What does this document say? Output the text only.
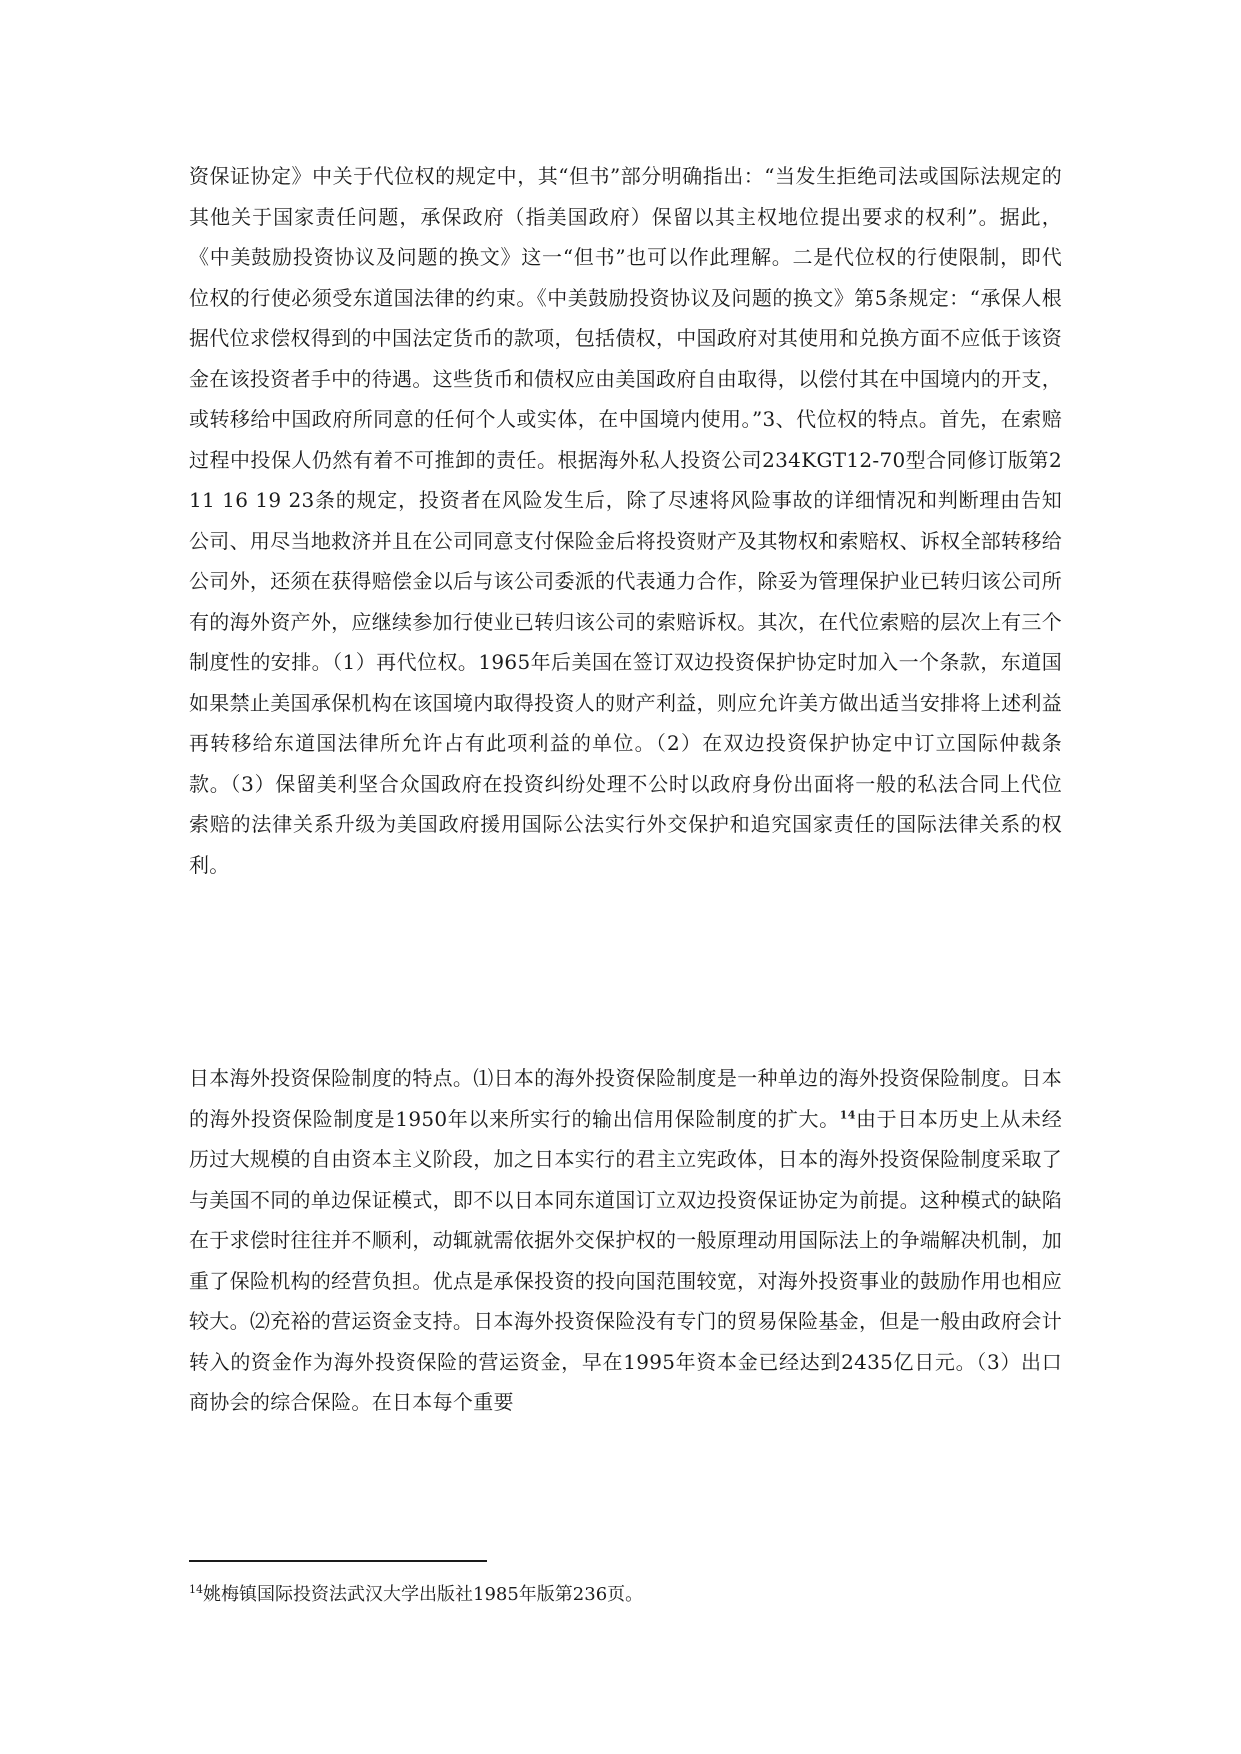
资保证协定》中关于代位权的规定中，其“但书”部分明确指出：“当发生拒绝司法或国际法规定的其他关于国家责任问题，承保政府（指美国政府）保留以其主权地位提出要求的权利”。据此，《中美鼓励投资协议及问题的换文》这一“但书”也可以作此理解。二是代位权的行使限制，即代位权的行使必须受东道国法律的约束。《中美鼓励投资协议及问题的换文》第5条规定：“承保人根据代位求偿权得到的中国法定货币的款项，包括债权，中国政府对其使用和兑换方面不应低于该资金在该投资者手中的待遇。这些货币和债权应由美国政府自由取得，以偿付其在中国境内的开支，或转移给中国政府所同意的任何个人或实体，在中国境内使用。”3、代位权的特点。首先，在索赔过程中投保人仍然有着不可推卸的责任。根据海外私人投资公司234KGT12-70型合同修订版第2 11 16 19 23条的规定，投资者在风险发生后，除了尽速将风险事故的详细情况和判断理由告知公司、用尽当地救济并且在公司同意支付保险金后将投资财产及其物权和索赔权、诉权全部转移给公司外，还须在获得赔偿金以后与该公司委派的代表通力合作，除妥为管理保护业已转归该公司所有的海外资产外，应继续参加行使业已转归该公司的索赔诉权。其次，在代位索赔的层次上有三个制度性的安排。（1）再代位权。1965年后美国在签订双边投资保护协定时加入一个条款，东道国如果禁止美国承保机构在该国境内取得投资人的财产利益，则应允许美方做出适当安排将上述利益再转移给东道国法律所允许占有此项利益的单位。（2）在双边投资保护协定中订立国际仲裁条款。（3）保留美利坚合众国政府在投资纠纷处理不公时以政府身份出面将一般的私法合同上代位索赔的法律关系升级为美国政府援用国际公法实行外交保护和追究国家责任的国际法律关系的权利。

日本海外投资保险制度的特点。⑴日本的海外投资保险制度是一种单边的海外投资保险制度。日本的海外投资保险制度是1950年以来所实行的输出信用保险制度的扩大。$^{14}$由于日本历史上从未经历过大规模的自由资本主义阶段，加之日本实行的君主立宪政体，日本的海外投资保险制度采取了与美国不同的单边保证模式，即不以日本同东道国订立双边投资保证协定为前提。这种模式的缺陷在于求偿时往往并不顺利，动辄就需依据外交保护权的一般原理动用国际法上的争端解决机制，加重了保险机构的经营负担。优点是承保投资的投向国范围较宽，对海外投资事业的鼓励作用也相应较大。⑵充裕的营运资金支持。日本海外投资保险没有专门的贸易保险基金，但是一般由政府会计转入的资金作为海外投资保险的营运资金，早在1995年资本金已经达到2435亿日元。（3）出口商协会的综合保险。在日本每个重要

$^{14}$姚梅镇国际投资法武汉大学出版社1985年版第236页。
